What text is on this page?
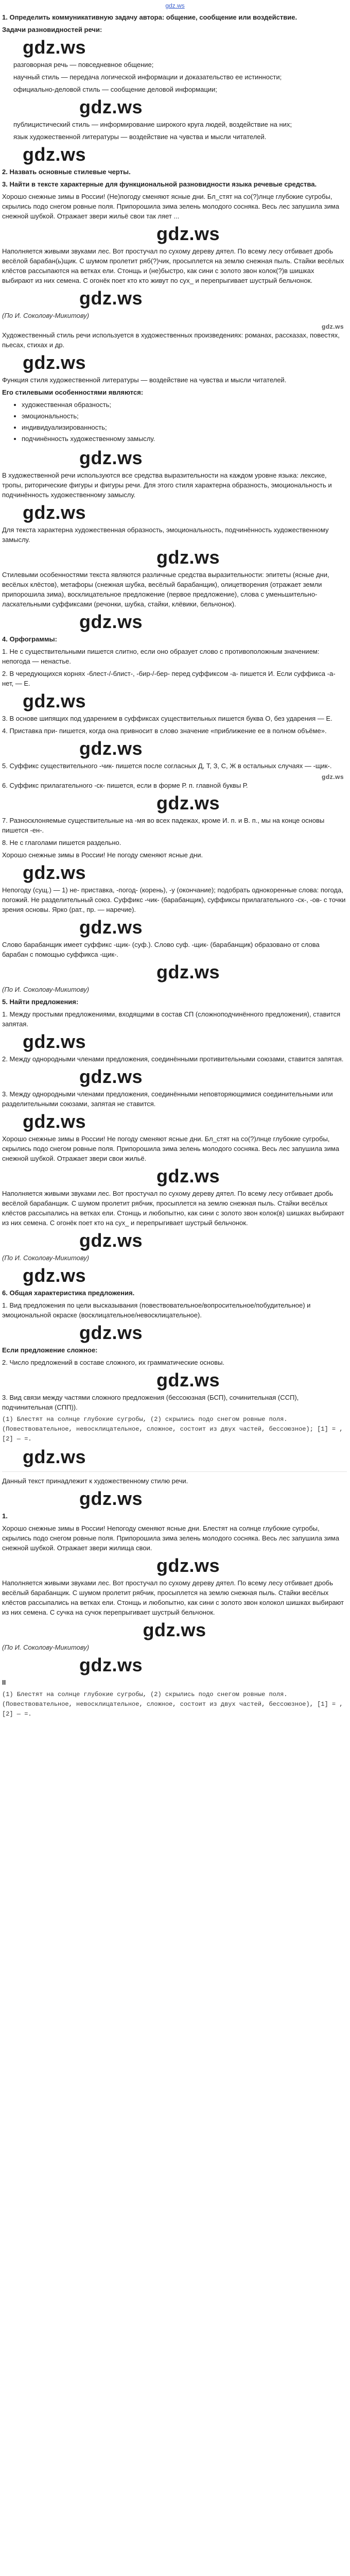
gdz.ws
1. Определить коммуникативную задачу автора: общение, сообщение или воздействие.
Задачи разновидностей речи:
gdz.ws
разговорная речь — повседневное общение;
научный стиль — передача логической информации и доказательство ее истинности;
официально-деловой стиль — сообщение деловой информации;
gdz.ws
публицистический стиль — информирование широкого круга людей, воздействие на них;
язык художественной литературы — воздействие на чувства и мысли читателей.
gdz.ws
2. Назвать основные стилевые черты.
3. Найти в тексте характерные для функциональной разновидности языка речевые средства.
Хорошо снежные зимы в России! (Не)погоду сменяют ясные дни. Бл_стят на со(?)лнце глубокие сугробы, скрылись подо снегом ровные поля. Припорошила зима зелень молодого сосняка. Весь лес запушила зима снежной шубкой. Отражает звери жильё свои так ляет ...
gdz.ws
Наполняется живыми звуками лес. Вот простучал по сухому дереву дятел. По всему лесу отбивает дробь весёлой барабан(ь)щик. С шумом пролетит ряб(?)чик, просыплется на землю снежная пыль. Стайки весёлых клёстов рассыпаются на ветках ели. Стонщь и (не)быстро, как сини с золото звон колок(?)в шишках выбирают из них семена. С огонёк поет кто кто живут по сух_ и перепрыгивает шустрый бельчонок.
gdz.ws
(По И. Соколову-Микитову)
gdz.ws
Художественный стиль речи используется в художественных произведениях: романах, рассказах, повестях, пьесах, стихах и др.
gdz.ws
Функция стиля художественной литературы — воздействие на чувства и мысли читателей.
Его стилевыми особенностями являются:
• художественная образность;
• эмоциональность;
• индивидуализированность;
• подчинённость художественному замыслу.
gdz.ws
В художественной речи используются все средства выразительности на каждом уровне языка: лексике, тропы, риторические фигуры и фигуры речи. Для этого стиля характерна образность, эмоциональность и подчинённость художественному замыслу.
gdz.ws
Для текста характерна художественная образность, эмоциональность, подчинённость художественному замыслу.
gdz.ws
Стилевыми особенностями текста являются различные средства выразительности: эпитеты (ясные дни, весёлых клёстов), метафоры (снежная шубка, весёлый барабанщик), олицетворения (отражает земли припорошила зима), восклицательное предложение (первое предложение), слова с уменьшительно-ласкательными суффиксами (речонки, шубка, стайки, клёвики, бельчонок).
gdz.ws
4. Орфограммы:
1. Не с существительными пишется слитно, если оно образует слово с противоположным значением: непогода — ненастье.
2. В чередующихся корнях -блест-/-блист-, -бир-/-бер- перед суффиксом -а- пишется И. Если суффикса -а- нет, — Е.
gdz.ws
3. В основе шипящих под ударением в суффиксах существительных пишется буква О, без ударения — Е.
4. Приставка при- пишется, когда она привносит в слово значение «приближение ее в полном объёме».
gdz.ws
5. Суффикс существительного -чик- пишется после согласных Д, Т, З, С, Ж в остальных случаях — -щик-.
gdz.ws
6. Суффикс прилагательного -ск- пишется, если в форме Р. п. главной буквы Р.
gdz.ws
7. Разносклоняемые существительные на -мя во всех падежах, кроме И. п. и В. п., мы на конце основы пишется -ен-.
8. Не с глаголами пишется раздельно.
Хорошо снежные зимы в России! Не погоду сменяют ясные дни.
gdz.ws
Непогоду (сущ.) — 1) не- приставка, -погод- (корень), -у (окончание); подобрать однокоренные слова: погода, погожий. Не разделительный союз. Суффикс -чик- (барабанщик), суффиксы прилагательного -ск-, -ов- с точки зрения основы. Ярко (рат., пр. — наречие).
gdz.ws
Слово барабанщик имеет суффикс -щик- (суф.). Слово суф. -щик- (барабанщик) образовано от слова барабан с помощью суффикса -щик-.
gdz.ws
(По И. Соколову-Микитову)
5. Найти предложения:
1. Между простыми предложениями, входящими в состав СП (сложноподчинённого предложения), ставится запятая.
gdz.ws
2. Между однородными членами предложения, соединёнными противительными союзами, ставится запятая.
gdz.ws
3. Между однородными членами предложения, соединёнными неповторяющимися соединительными или разделительными союзами, запятая не ставится.
gdz.ws
Хорошо снежные зимы в России! Не погоду сменяют ясные дни. Бл_стят на со(?)лнце глубокие сугробы, скрылись подо снегом ровные поля. Припорошила зима зелень молодого сосняка. Весь лес запушила зима снежной шубкой. Отражает звери свои жильё.
gdz.ws
Наполняется живыми звуками лес. Вот простучал по сухому дереву дятел. По всему лесу отбивает дробь весёлой барабанщик. С шумом пролетит рябчик, просыплется на землю снежная пыль. Стайки весёлых клёстов рассыпались на ветках ели. Стонщь и любопытно, как сини с золото звон колок(в) шишках выбирают из них семена. С огонёк поет кто на сух_ и перепрыгивает шустрый бельчонок.
gdz.ws
(По И. Соколову-Микитову)
gdz.ws
6. Общая характеристика предложения.
1. Вид предложения по цели высказывания (повествовательное/вопросительное/побудительное) и эмоциональной окраске (восклицательное/невосклицательное).
gdz.ws
Если предложение сложное:
2. Число предложений в составе сложного, их грамматические основы.
gdz.ws
3. Вид связи между частями сложного предложения (бессоюзная (БСП), сочинительная (ССП), подчинительная (СПП)).
(1) Блестят на солнце глубокие сугробы, (2) скрылись подо снегом ровные поля. (Повествовательное, невосклицательное, сложное, состоит из двух частей, бессоюзное); [1] = ,[2] — =.
gdz.ws
Данный текст принадлежит к художественному стилю речи.
gdz.ws
1.
Хорошо снежные зимы в России! Непогоду сменяют ясные дни. Блестят на солнце глубокие сугробы, скрылись подо снегом ровные поля. Припорошила зима зелень молодого сосняка. Весь лес запушила зима снежной шубкой. Отражает звери жилища свои.
gdz.ws
Наполняется живыми звуками лес. Вот простучал по сухому дереву дятел. По всему лесу отбивает дробь весёлый барабанщик. С шумом пролетит рябчик, просыплется на землю снежная пыль. Стайки весёлых клёстов рассыпались на ветках ели. Стонщь и любопытно, как сини с золото звон колокол шишках выбирают из них семена. С сучка на сучок перепрыгивает шустрый бельчонок.
gdz.ws
(По И. Соколову-Микитову)
gdz.ws
II
(1) Блестят на солнце глубокие сугробы, (2) скрылись подо снегом ровные поля. (Повествовательное, невосклицательное, сложное, состоит из двух частей, бессоюзное), [1] = ,[2] — =.
